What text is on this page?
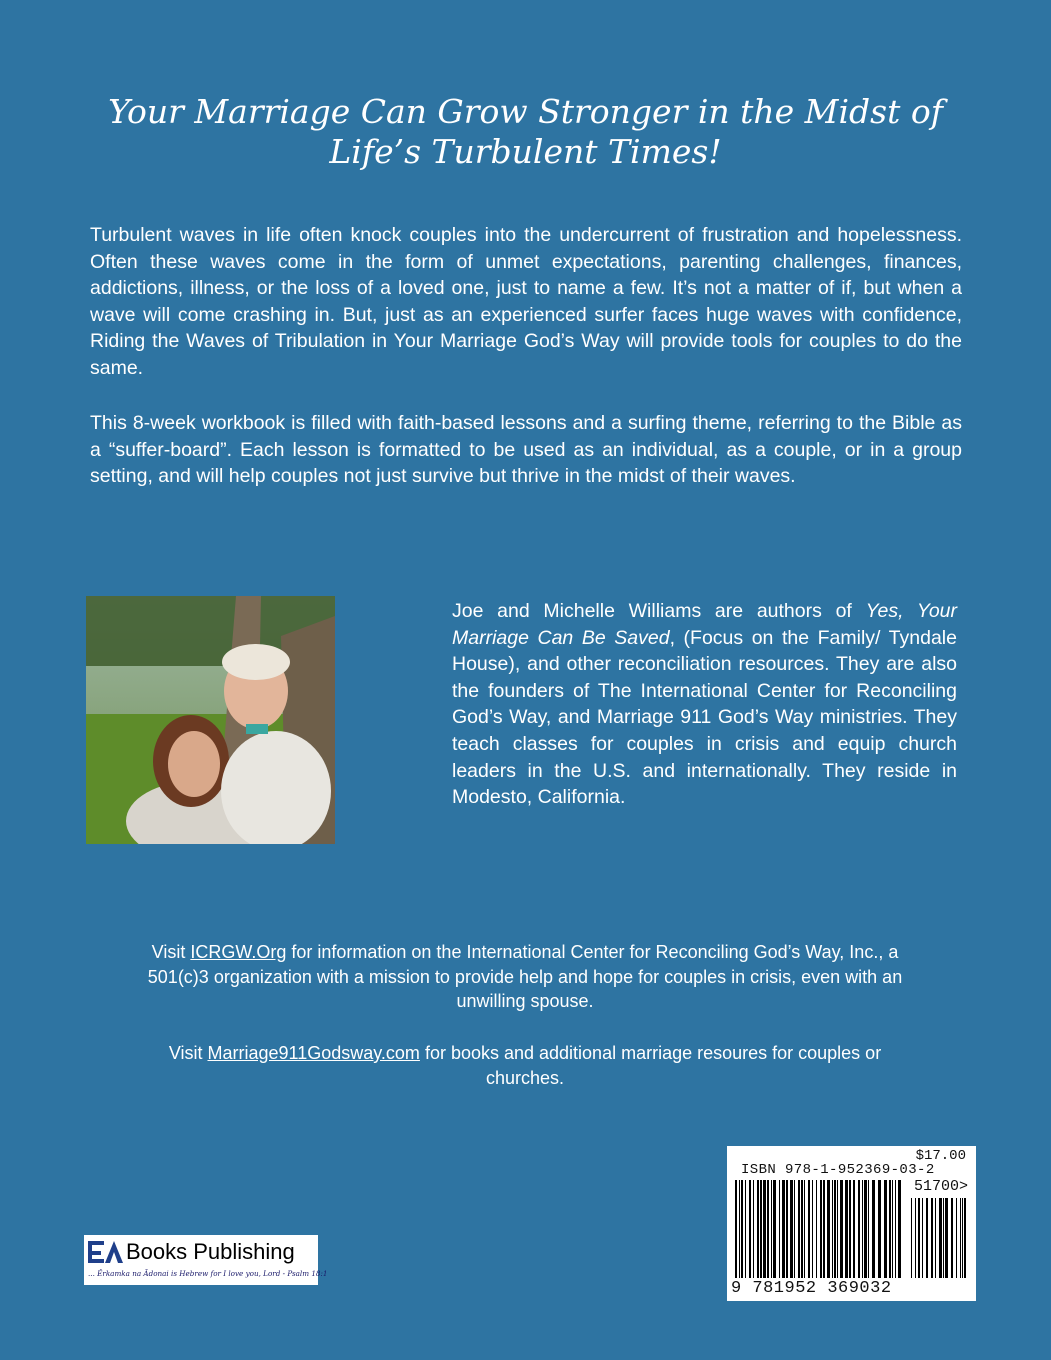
Your Marriage Can Grow Stronger in the Midst of
Life’s Turbulent Times!

Turbulent waves in life often knock couples into the undercurrent of frustration and hopelessness. Often these waves come in the form of unmet expectations, parenting challenges, finances, addictions, illness, or the loss of a loved one, just to name a few. It’s not a matter of if, but when a wave will come crashing in. But, just as an experienced surfer faces huge waves with confidence, Riding the Waves of Tribulation in Your Marriage God’s Way will provide tools for couples to do the same.

This 8-week workbook is filled with faith-based lessons and a surfing theme, referring to the Bible as a “suffer-board”. Each lesson is formatted to be used as an individual, as a couple, or in a group setting, and will help couples not just survive but thrive in the midst of their waves.

Joe and Michelle Williams are authors of Yes, Your Marriage Can Be Saved, (Focus on the Family/ Tyndale House), and other reconciliation resources. They are also the founders of The International Center for Reconciling God’s Way, and Marriage 911 God’s Way ministries. They teach classes for couples in crisis and equip church leaders in the U.S. and internationally. They reside in Modesto, California.

Visit ICRGW.Org for information on the International Center for Reconciling God’s Way, Inc., a 501(c)3 organization with a mission to provide help and hope for couples in crisis, even with an unwilling spouse.

Visit Marriage911Godsway.com for books and additional marriage resoures for couples or churches.

$17.00
ISBN 978-1-952369-03-2
51700>
9 781952 369032
Books Publishing
... Ěrkamka na Ădonai is Hebrew for I love you, Lord - Psalm 18:1
